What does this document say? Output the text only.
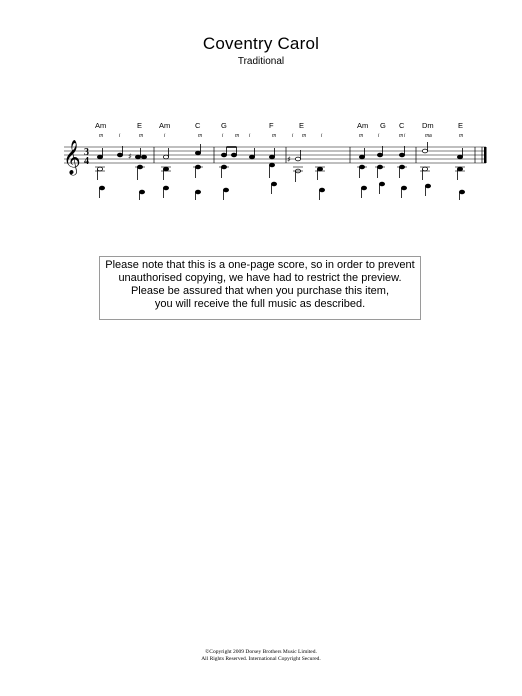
Coventry Carol
Traditional
Am	E Am	C	G	F	E	Am G C Dm	E
m	i	m	i	m	i m i	m	i m	i	m	i	m i	m a	m
𝄞 3
4	♯	♯
Please note that this is a one-page score, so in order to prevent
unauthorised copying, we have had to restrict the preview.
Please be assured that when you purchase this item,
you will receive the full music as described.
©Copyright 2009 Dorsey Brothers Music Limited.
All Rights Reserved. International Copyright Secured.
